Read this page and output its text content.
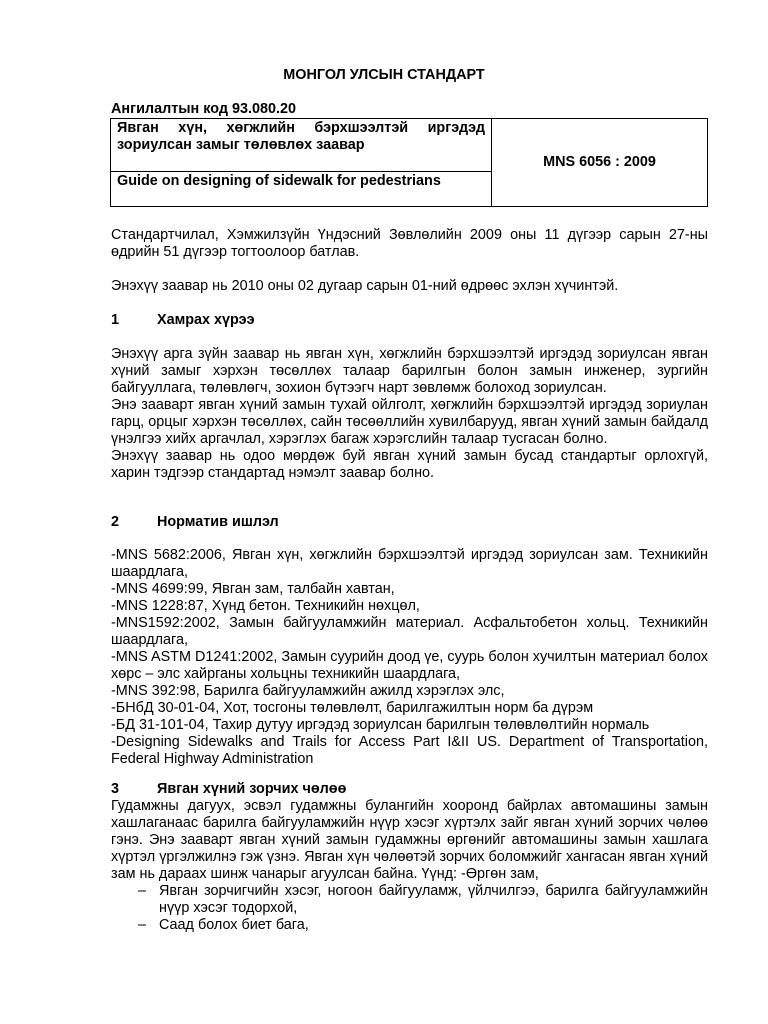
МОНГОЛ УЛСЫН СТАНДАРТ
Ангилалтын код 93.080.20
Явган хүн, хөгжлийн бэрхшээлтэй иргэдэд зориулсан замыг төлөвлөх заавар	MNS 6056 : 2009
Guide on designing of sidewalk for pedestrians

Стандартчилал, Хэмжилзүйн Үндэсний Зөвлөлийн 2009 оны 11 дүгээр сарын 27-ны өдрийн 51 дүгээр тогтоолоор батлав.

Энэхүү заавар нь 2010 оны 02 дугаар сарын 01-ний өдрөөс эхлэн хүчинтэй.

1	Хамрах хүрээ

Энэхүү арга зүйн заавар нь явган хүн, хөгжлийн бэрхшээлтэй иргэдэд зориулсан явган хүний замыг хэрхэн төсөллөх талаар барилгын болон замын инженер, зургийн байгууллага, төлөвлөгч, зохион бүтээгч нарт зөвлөмж болоход зориулсан.

Энэ зааварт явган хүний замын тухай ойлголт, хөгжлийн бэрхшээлтэй иргэдэд зориулан гарц, орцыг хэрхэн төсөллөх, сайн төсөөллийн хувилбарууд, явган хүний замын байдалд үнэлгээ хийх аргачлал, хэрэглэх багаж хэрэгслийн талаар тусгасан болно.

Энэхүү заавар нь одоо мөрдөж буй явган хүний замын бусад стандартыг орлохгүй, харин тэдгээр стандартад нэмэлт заавар болно.

2	Норматив ишлэл

-MNS 5682:2006, Явган хүн, хөгжлийн бэрхшээлтэй иргэдэд зориулсан зам. Техникийн шаардлага,

-MNS 4699:99, Явган зам, талбайн хавтан,

-MNS 1228:87, Хүнд бетон. Техникийн нөхцөл,

-MNS1592:2002, Замын байгууламжийн материал. Асфальтобетон хольц. Техникийн шаардлага,

-MNS ASTM D1241:2002, Замын суурийн доод үе, суурь болон хучилтын материал болох хөрс – элс хайрганы хольцны техникийн шаардлага,

-MNS 392:98, Барилга байгууламжийн ажилд хэрэглэх элс,

-БНбД 30-01-04, Хот, тосгоны төлөвлөлт, барилгажилтын норм ба дүрэм

-БД 31-101-04, Тахир дутуу иргэдэд зориулсан барилгын төлөвлөлтийн нормаль

-Designing Sidewalks and Trails for Access Part I&II US. Department of Transportation, Federal Highway Administration

3	Явган хүний зорчих чөлөө

Гудамжны дагуух, эсвэл гудамжны булангийн хооронд байрлах автомашины замын хашлаганаас барилга байгууламжийн нүүр хэсэг хүртэлх зайг явган хүний зорчих чөлөө гэнэ. Энэ зааварт явган хүний замын гудамжны өргөнийг автомашины замын хашлага хүртэл үргэлжилнэ гэж үзнэ. Явган хүн чөлөөтэй зорчих боломжийг хангасан явган хүний зам нь дараах шинж чанарыг агуулсан байна. Үүнд: -Өргөн зам,

– Явган зорчигчийн хэсэг, ногоон байгууламж, үйлчилгээ, барилга байгууламжийн нүүр хэсэг тодорхой,
– Саад болох биет бага,
